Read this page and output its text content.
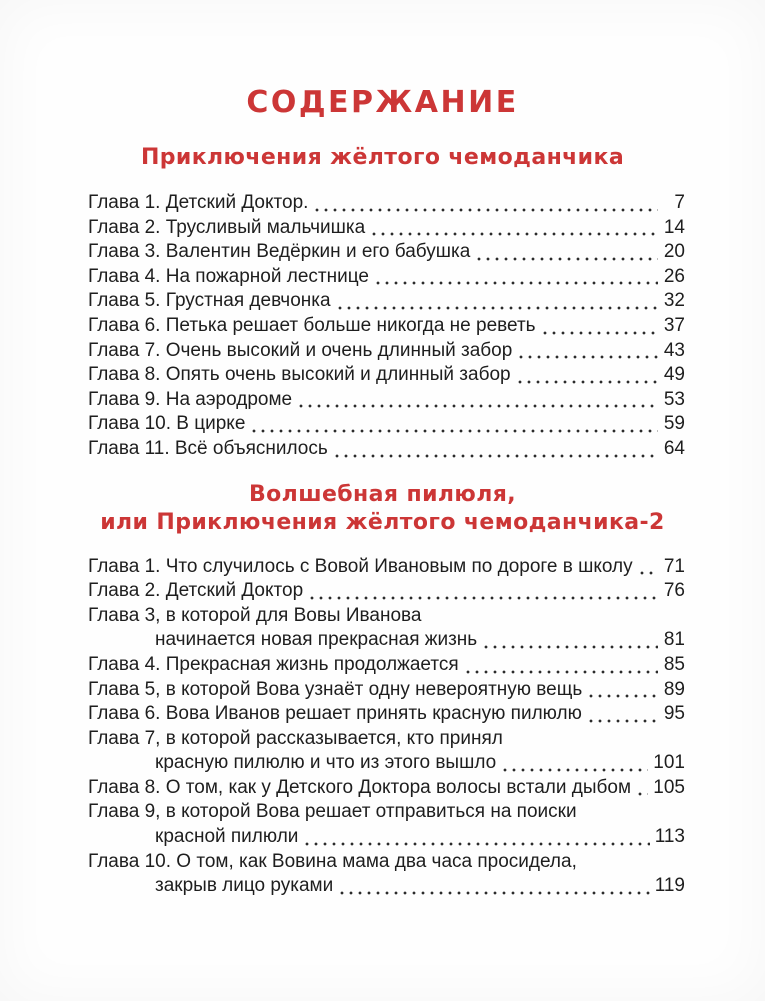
СОДЕРЖАНИЕ
Приключения жёлтого чемоданчика
Глава 1. Детский Доктор.	7
Глава 2. Трусливый мальчишка	14
Глава 3. Валентин Ведёркин и его бабушка	20
Глава 4. На пожарной лестнице	26
Глава 5. Грустная девчонка	32
Глава 6. Петька решает больше никогда не реветь	37
Глава 7. Очень высокий и очень длинный забор	43
Глава 8. Опять очень высокий и длинный забор	49
Глава 9. На аэродроме	53
Глава 10. В цирке	59
Глава 11. Всё объяснилось	64
Волшебная пилюля,
или Приключения жёлтого чемоданчика-2
Глава 1. Что случилось с Вовой Ивановым по дороге в школу 71
Глава 2. Детский Доктор	76
Глава 3, в которой для Вовы Иванова
начинается новая прекрасная жизнь	81
Глава 4. Прекрасная жизнь продолжается	85
Глава 5, в которой Вова узнаёт одну невероятную вещь	89
Глава 6. Вова Иванов решает принять красную пилюлю	95
Глава 7, в которой рассказывается, кто принял
красную пилюлю и что из этого вышло	101
Глава 8. О том, как у Детского Доктора волосы встали дыбом 105
Глава 9, в которой Вова решает отправиться на поиски
красной пилюли	113
Глава 10. О том, как Вовина мама два часа просидела,
закрыв лицо руками	119
